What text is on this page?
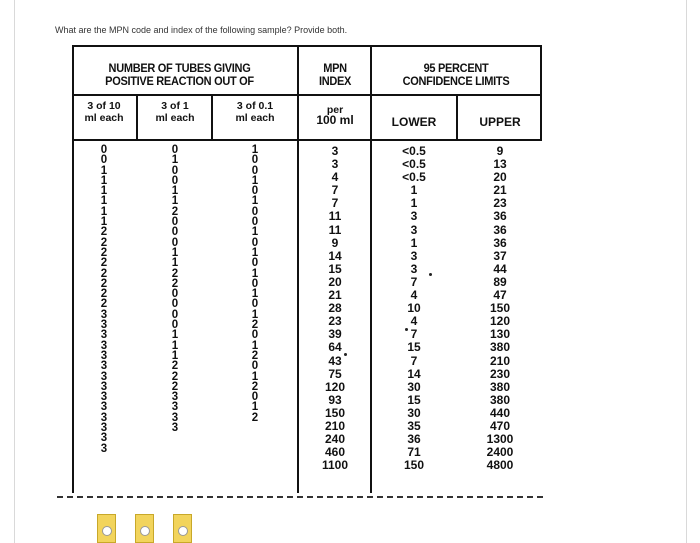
What are the MPN code and index of the following sample? Provide both.
NUMBER OF TUBES GIVING
POSITIVE REACTION OUT OF
MPN
INDEX
95 PERCENT
CONFIDENCE LIMITS
3 of 10
ml each
3 of 1
ml each
3 of 0.1
ml each
per
100 ml	LOWER	UPPER
0
0
1
1
1
1
1
1
2
2
2
2
2
2
2
2
3
3
3
3
3
3
3
3
3
3
3
3
3
3
0
1
0
0
1
1
2
0
0
0
1
1
2
2
0
0
0
0
1
1
1
2
2
2
3
3
3
3
1
0
0
1
0
1
0
0
1
0
1
0
1
0
1
0
1
2
0
1
2
0
1
2
0
1
2
3
3
4
7
7
11
11
9
14
15
20
21
28
23
39
64
43
75
120
93
150
210
240
460
1100
<0.5
<0.5
<0.5
1
1
3
3
1
3
3
7
4
10
4
7
15
7
14
30
15
30
35
36
71
150
9
13
20
21
23
36
36
36
37
44
89
47
150
120
130
380
210
230
380
380
440
470
1300
2400
4800
